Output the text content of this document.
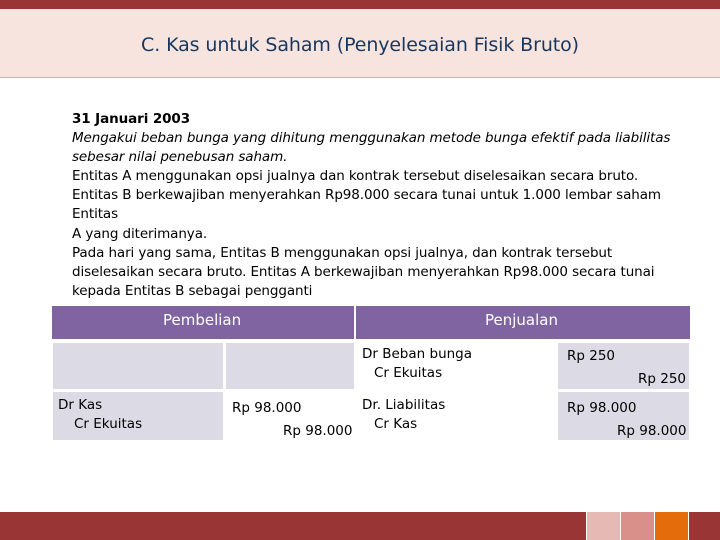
C. Kas untuk Saham (Penyelesaian Fisik Bruto)
31 Januari 2003
Mengakui beban bunga yang dihitung menggunakan metode bunga efektif pada liabilitas
sebesar nilai penebusan saham.
Entitas A menggunakan opsi jualnya dan kontrak tersebut diselesaikan secara bruto.
Entitas B berkewajiban menyerahkan Rp98.000 secara tunai untuk 1.000 lembar saham
Entitas
A yang diterimanya.
Pada hari yang sama, Entitas B menggunakan opsi jualnya, dan kontrak tersebut
diselesaikan secara bruto. Entitas A berkewajiban menyerahkan Rp98.000 secara tunai
kepada Entitas B sebagai pengganti
Pembelian	Penjualan
Dr Beban bunga
Cr Ekuitas
Rp 250
Rp 250
Dr Kas
Cr Ekuitas
Rp 98.000
Rp 98.000
Dr. Liabilitas
Cr Kas
Rp 98.000
Rp 98.000
